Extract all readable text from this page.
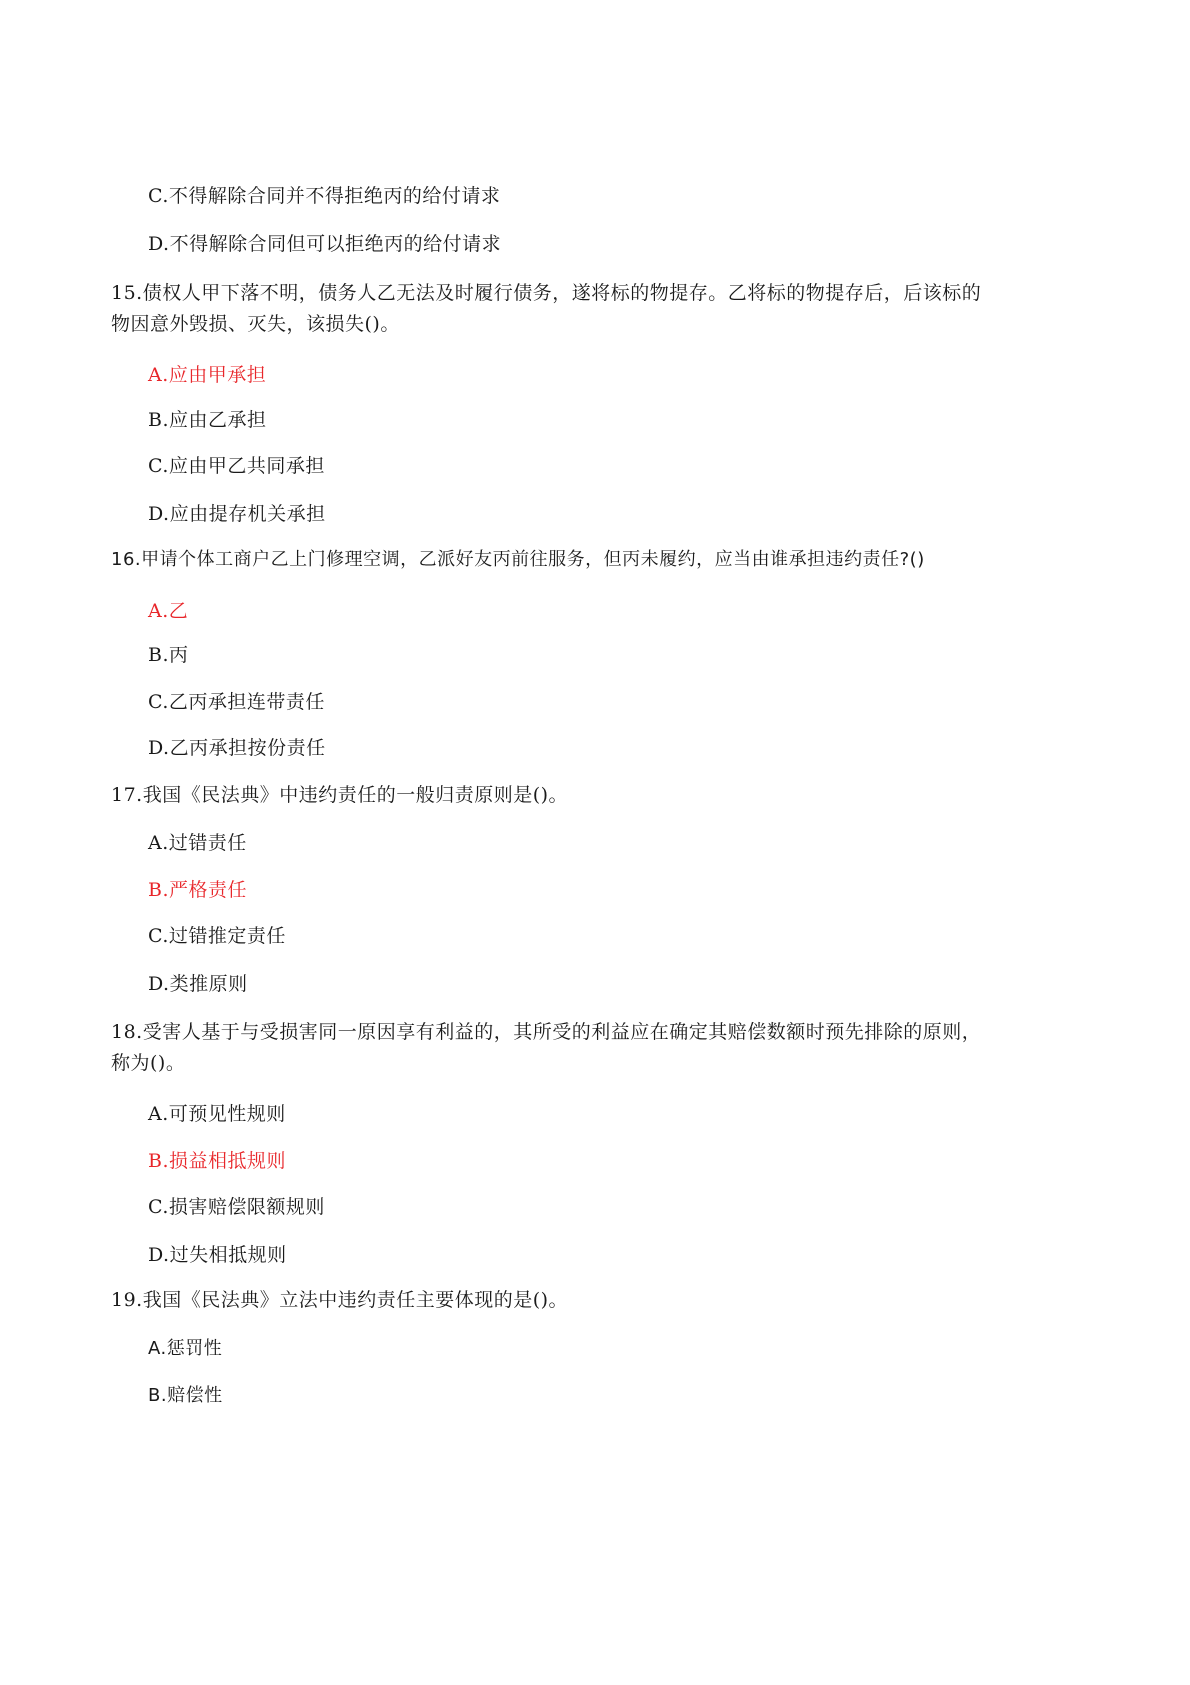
C.不得解除合同并不得拒绝丙的给付请求
D.不得解除合同但可以拒绝丙的给付请求
15.债权人甲下落不明，债务人乙无法及时履行债务，遂将标的物提存。乙将标的物提存后，后该标的
物因意外毁损、灭失，该损失()。
A.应由甲承担
B.应由乙承担
C.应由甲乙共同承担
D.应由提存机关承担
16.甲请个体工商户乙上门修理空调，乙派好友丙前往服务，但丙未履约，应当由谁承担违约责任?()
A.乙
B.丙
C.乙丙承担连带责任
D.乙丙承担按份责任
17.我国《民法典》中违约责任的一般归责原则是()。
A.过错责任
B.严格责任
C.过错推定责任
D.类推原则
18.受害人基于与受损害同一原因享有利益的，其所受的利益应在确定其赔偿数额时预先排除的原则，
称为()。
A.可预见性规则
B.损益相抵规则
C.损害赔偿限额规则
D.过失相抵规则
19.我国《民法典》立法中违约责任主要体现的是()。
A.惩罚性
B.赔偿性
